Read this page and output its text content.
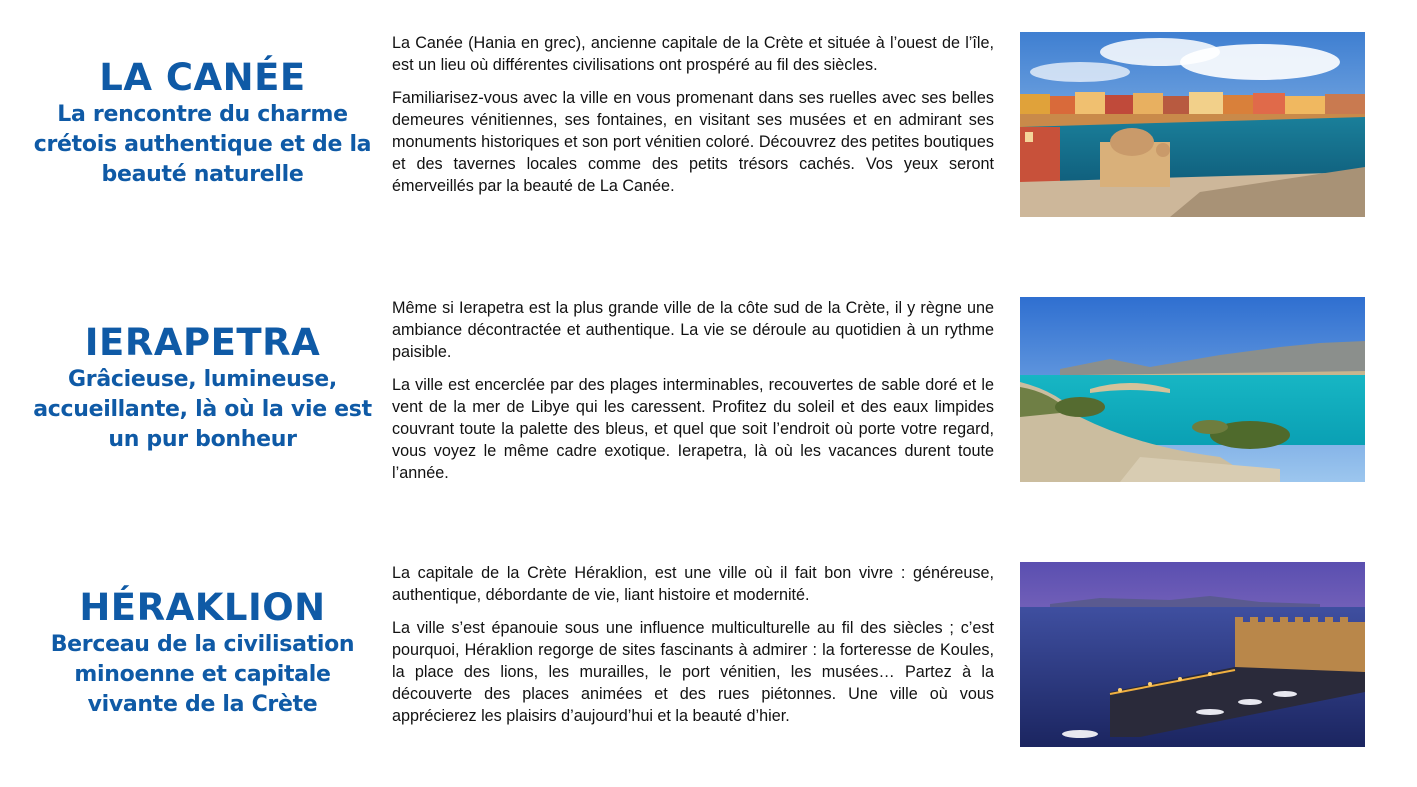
LA CANÉE
La rencontre du charme crétois authentique et de la beauté naturelle

La Canée (Hania en grec), ancienne capitale de la Crète et située à l’ouest de l’île, est un lieu où différentes civilisations ont prospéré au fil des siècles.

Familiarisez-vous avec la ville en vous promenant dans ses ruelles avec ses belles demeures vénitiennes, ses fontaines, en visitant ses musées et en admirant ses monuments historiques et son port vénitien coloré. Découvrez des petites boutiques et des tavernes locales comme des petits trésors cachés. Vos yeux seront émerveillés par la beauté de La Canée.

IERAPETRA
Grâcieuse, lumineuse, accueillante, là où la vie est un pur bonheur

Même si Ierapetra est la plus grande ville de la côte sud de la Crète, il y règne une ambiance décontractée et authentique. La vie se déroule au quotidien à un rythme paisible.

La ville est encerclée par des plages interminables, recouvertes de sable doré et le vent de la mer de Libye qui les caressent. Profitez du soleil et des eaux limpides couvrant toute la palette des bleus, et quel que soit l’endroit où porte votre regard, vous voyez le même cadre exotique. Ierapetra, là où les vacances durent toute l’année.

HÉRAKLION
Berceau de la civilisation minoenne et capitale vivante de la Crète

La capitale de la Crète Héraklion, est une ville où il fait bon vivre : généreuse, authentique, débordante de vie, liant histoire et modernité.

La ville s’est épanouie sous une influence multiculturelle au fil des siècles ; c’est pourquoi, Héraklion regorge de sites fascinants à admirer : la forteresse de Koules, la place des lions, les murailles, le port vénitien, les musées… Partez à la découverte des places animées et des rues piétonnes. Une ville où vous apprécierez les plaisirs d’aujourd’hui et la beauté d’hier.
